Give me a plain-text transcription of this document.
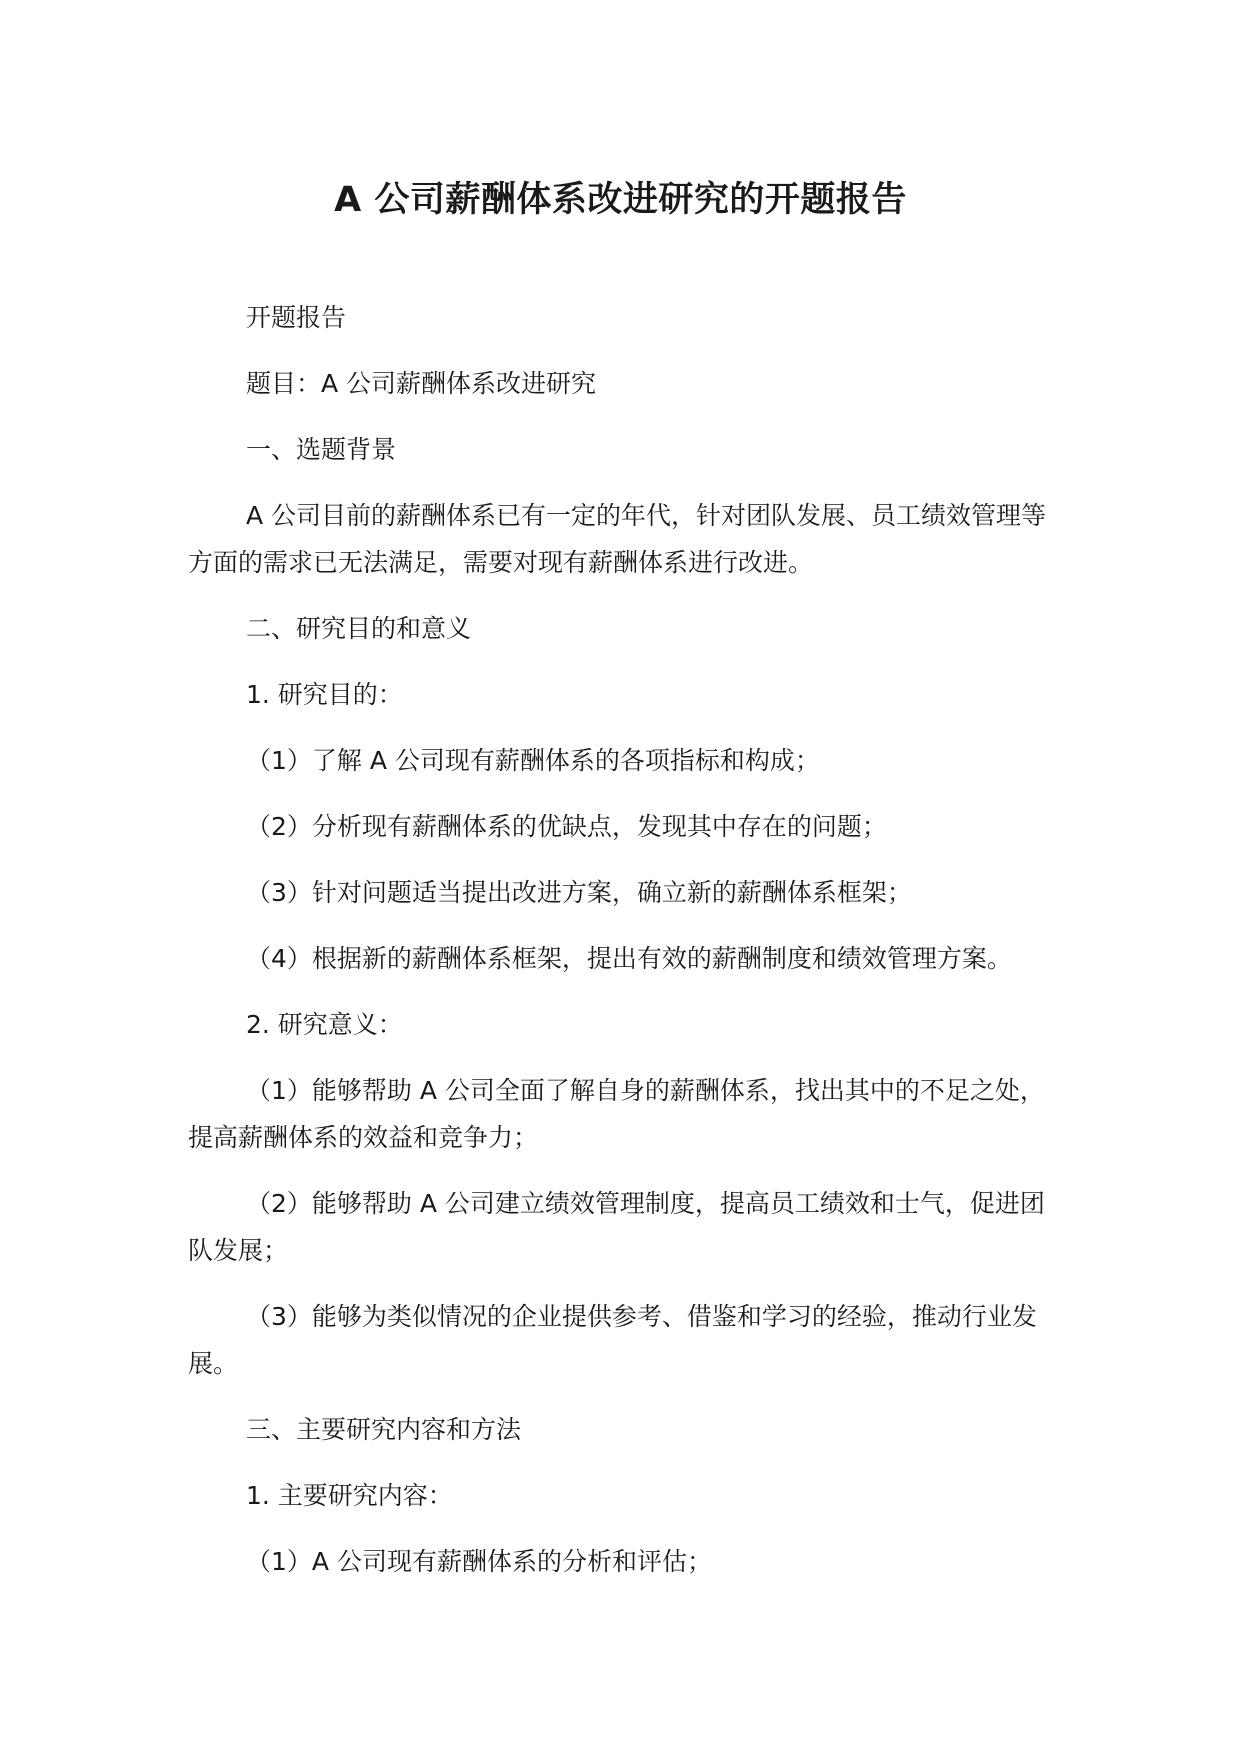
A 公司薪酬体系改进研究的开题报告

开题报告

题目：A 公司薪酬体系改进研究

一、选题背景

A 公司目前的薪酬体系已有一定的年代，针对团队发展、员工绩效管理等方面的需求已无法满足，需要对现有薪酬体系进行改进。

二、研究目的和意义

1. 研究目的：

（1）了解 A 公司现有薪酬体系的各项指标和构成；

（2）分析现有薪酬体系的优缺点，发现其中存在的问题；

（3）针对问题适当提出改进方案，确立新的薪酬体系框架；

（4）根据新的薪酬体系框架，提出有效的薪酬制度和绩效管理方案。

2. 研究意义：

（1）能够帮助 A 公司全面了解自身的薪酬体系，找出其中的不足之处，提高薪酬体系的效益和竞争力；

（2）能够帮助 A 公司建立绩效管理制度，提高员工绩效和士气，促进团队发展；

（3）能够为类似情况的企业提供参考、借鉴和学习的经验，推动行业发展。

三、主要研究内容和方法

1. 主要研究内容：

（1）A 公司现有薪酬体系的分析和评估；
